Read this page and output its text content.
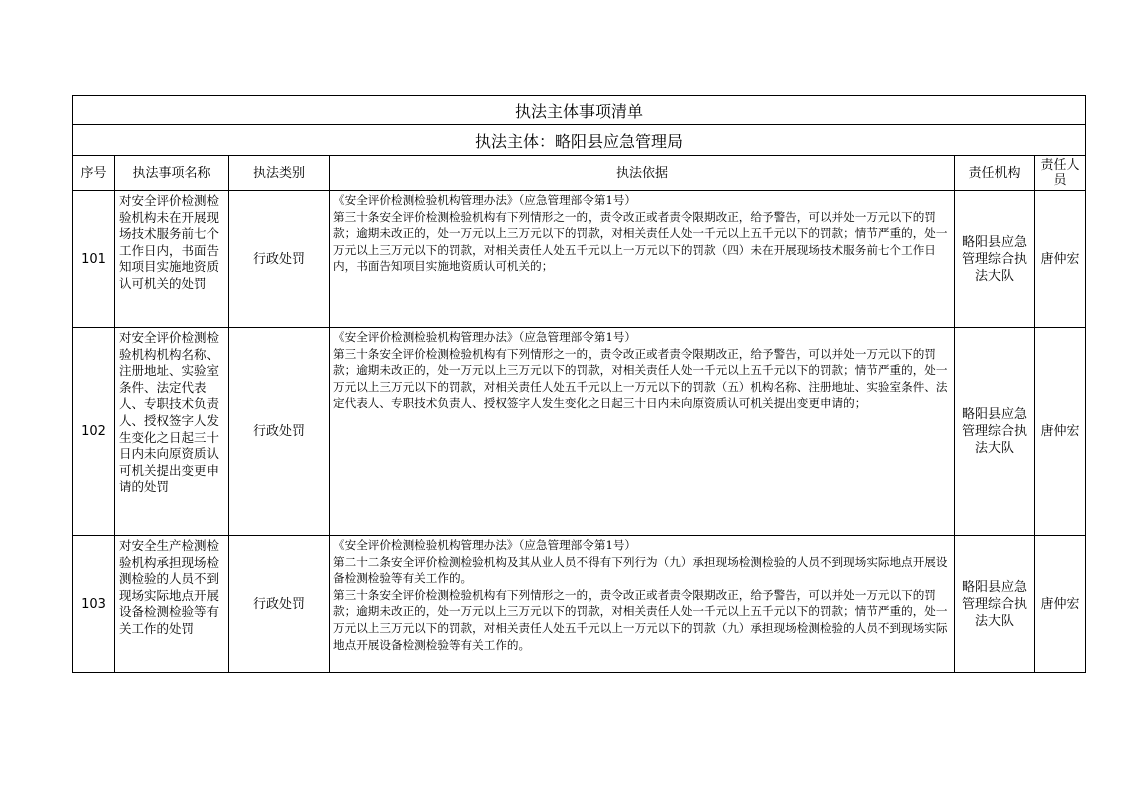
执法主体事项清单					
执法主体：略阳县应急管理局					
序号	执法事项名称	执法类别	执法依据	责任机构	责任人员
101	对安全评价检测检验机构未在开展现场技术服务前七个工作日内，书面告知项目实施地资质认可机关的处罚	行政处罚	《安全评价检测检验机构管理办法》（应急管理部令第1号）
第三十条安全评价检测检验机构有下列情形之一的，责令改正或者责令限期改正，给予警告，可以并处一万元以下的罚款；逾期未改正的，处一万元以上三万元以下的罚款，对相关责任人处一千元以上五千元以下的罚款；情节严重的，处一万元以上三万元以下的罚款，对相关责任人处五千元以上一万元以下的罚款（四）未在开展现场技术服务前七个工作日内，书面告知项目实施地资质认可机关的；	略阳县应急管理综合执法大队	唐仲宏
102	对安全评价检测检验机构机构名称、注册地址、实验室条件、法定代表人、专职技术负责人、授权签字人发生变化之日起三十日内未向原资质认可机关提出变更申请的处罚	行政处罚	《安全评价检测检验机构管理办法》（应急管理部令第1号）
第三十条安全评价检测检验机构有下列情形之一的，责令改正或者责令限期改正，给予警告，可以并处一万元以下的罚款；逾期未改正的，处一万元以上三万元以下的罚款，对相关责任人处一千元以上五千元以下的罚款；情节严重的，处一万元以上三万元以下的罚款，对相关责任人处五千元以上一万元以下的罚款（五）机构名称、注册地址、实验室条件、法定代表人、专职技术负责人、授权签字人发生变化之日起三十日内未向原资质认可机关提出变更申请的；	略阳县应急管理综合执法大队	唐仲宏
103	对安全生产检测检验机构承担现场检测检验的人员不到现场实际地点开展设备检测检验等有关工作的处罚	行政处罚	《安全评价检测检验机构管理办法》（应急管理部令第1号）
第二十二条安全评价检测检验机构及其从业人员不得有下列行为（九）承担现场检测检验的人员不到现场实际地点开展设备检测检验等有关工作的。
第三十条安全评价检测检验机构有下列情形之一的，责令改正或者责令限期改正，给予警告，可以并处一万元以下的罚款；逾期未改正的，处一万元以上三万元以下的罚款，对相关责任人处一千元以上五千元以下的罚款；情节严重的，处一万元以上三万元以下的罚款，对相关责任人处五千元以上一万元以下的罚款（九）承担现场检测检验的人员不到现场实际地点开展设备检测检验等有关工作的。	略阳县应急管理综合执法大队	唐仲宏
